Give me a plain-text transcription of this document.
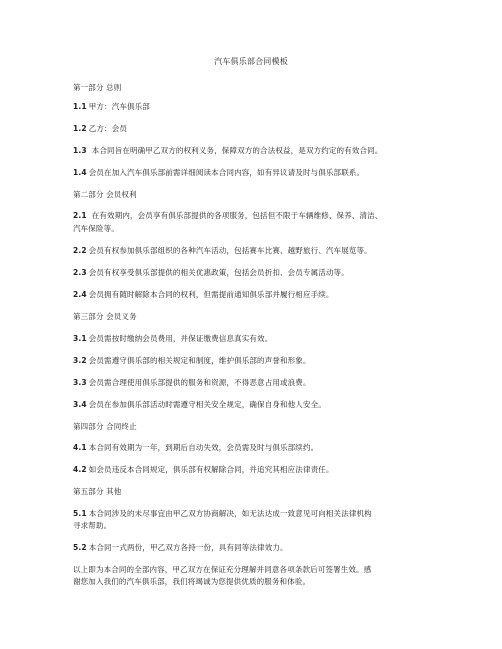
汽车俱乐部合同模板
第一部分 总则
1.1 甲方：汽车俱乐部
1.2 乙方：会员
1.3 本合同旨在明确甲乙双方的权利义务，保障双方的合法权益，是双方约定的有效合同。
1.4 会员在加入汽车俱乐部前需详细阅读本合同内容，如有异议请及时与俱乐部联系。
第二部分 会员权利
2.1 在有效期内，会员享有俱乐部提供的各项服务，包括但不限于车辆维修、保养、清洁、
汽车保险等。
2.2 会员有权参加俱乐部组织的各种汽车活动，包括赛车比赛、越野旅行、汽车展览等。
2.3 会员有权享受俱乐部提供的相关优惠政策，包括会员折扣、会员专属活动等。
2.4 会员拥有随时解除本合同的权利，但需提前通知俱乐部并履行相应手续。
第三部分 会员义务
3.1 会员需按时缴纳会员费用，并保证缴费信息真实有效。
3.2 会员需遵守俱乐部的相关规定和制度，维护俱乐部的声誉和形象。
3.3 会员需合理使用俱乐部提供的服务和资源，不得恶意占用或浪费。
3.4 会员在参加俱乐部活动时需遵守相关安全规定，确保自身和他人安全。
第四部分 合同终止
4.1 本合同有效期为一年，到期后自动失效，会员需及时与俱乐部续约。
4.2 如会员违反本合同规定，俱乐部有权解除合同，并追究其相应法律责任。
第五部分 其他
5.1 本合同涉及的未尽事宜由甲乙双方协商解决，如无法达成一致意见可向相关法律机构
寻求帮助。
5.2 本合同一式两份，甲乙双方各持一份，具有同等法律效力。
以上即为本合同的全部内容，甲乙双方在保证充分理解并同意各项条款后可签署生效。感
谢您加入我们的汽车俱乐部，我们将竭诚为您提供优质的服务和体验。
